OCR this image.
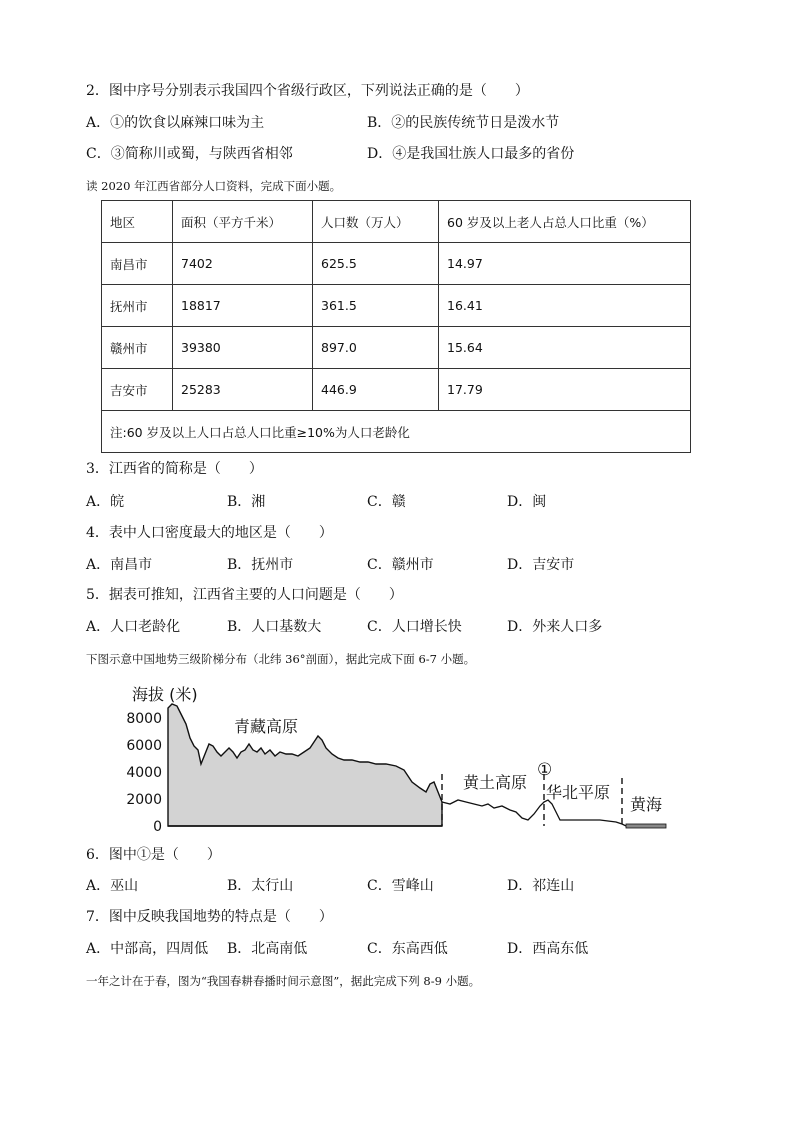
2．图中序号分别表示我国四个省级行政区，下列说法正确的是（　　）
A．①的饮食以麻辣口味为主	B．②的民族传统节日是泼水节
C．③简称川或蜀，与陕西省相邻	D．④是我国壮族人口最多的省份
读 2020 年江西省部分人口资料，完成下面小题。
地区	面积（平方千米）	人口数（万人）	60 岁及以上老人占总人口比重（%）
南昌市	7402	625.5	14.97
抚州市	18817	361.5	16.41
赣州市	39380	897.0	15.64
吉安市	25283	446.9	17.79
注:60 岁及以上人口占总人口比重≥10%为人口老龄化			
3．江西省的简称是（　　）
A．皖	B．湘	C．赣	D．闽
4．表中人口密度最大的地区是（　　）
A．南昌市	B．抚州市	C．赣州市	D．吉安市
5．据表可推知，江西省主要的人口问题是（　　）
A．人口老龄化	B．人口基数大	C．人口增长快	D．外来人口多
下图示意中国地势三级阶梯分布（北纬 36°剖面），据此完成下面 6-7 小题。
海拔 (米)
8000
6000
4000
2000
0
青藏高原
黄土高原
①
华北平原
黄海
6．图中①是（　　）
A．巫山	B．太行山	C．雪峰山	D．祁连山
7．图中反映我国地势的特点是（　　）
A．中部高，四周低 B．北高南低	C．东高西低	D．西高东低
一年之计在于春，图为“我国春耕春播时间示意图”，据此完成下列 8-9 小题。
